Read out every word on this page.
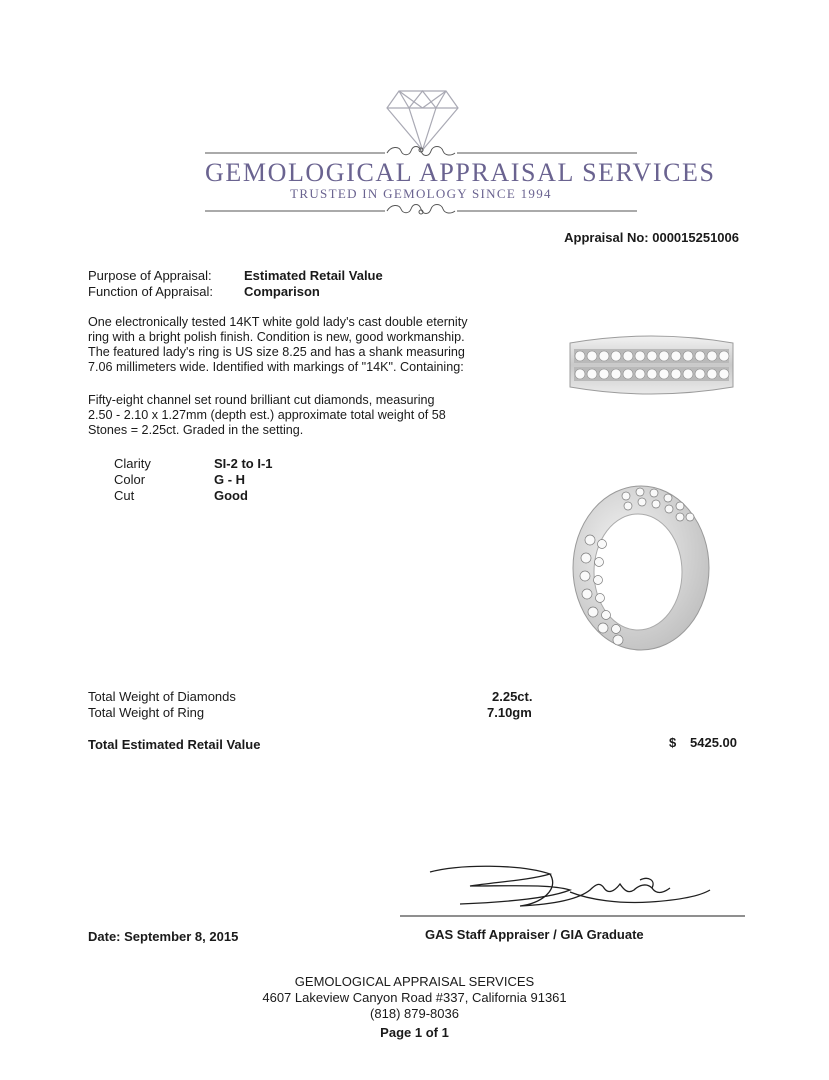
GEMOLOGICAL APPRAISAL SERVICES
TRUSTED IN GEMOLOGY SINCE 1994
Appraisal No: 000015251006
Purpose of Appraisal: Estimated Retail Value
Function of Appraisal: Comparison
One electronically tested 14KT white gold lady's cast double eternity
ring with a bright polish finish. Condition is new, good workmanship.
The featured lady's ring is US size 8.25 and has a shank measuring
7.06 millimeters wide. Identified with markings of "14K". Containing:
Fifty-eight channel set round brilliant cut diamonds, measuring
2.50 - 2.10 x 1.27mm (depth est.) approximate total weight of 58
Stones = 2.25ct. Graded in the setting.
Clarity	SI-2 to I-1
Color	G - H
Cut	Good
Total Weight of Diamonds	2.25ct.
Total Weight of Ring	7.10gm
Total Estimated Retail Value	$ 5425.00
Date: September 8, 2015	GAS Staff Appraiser / GIA Graduate
GEMOLOGICAL APPRAISAL SERVICES
4607 Lakeview Canyon Road #337, California 91361
(818) 879-8036
Page 1 of 1
